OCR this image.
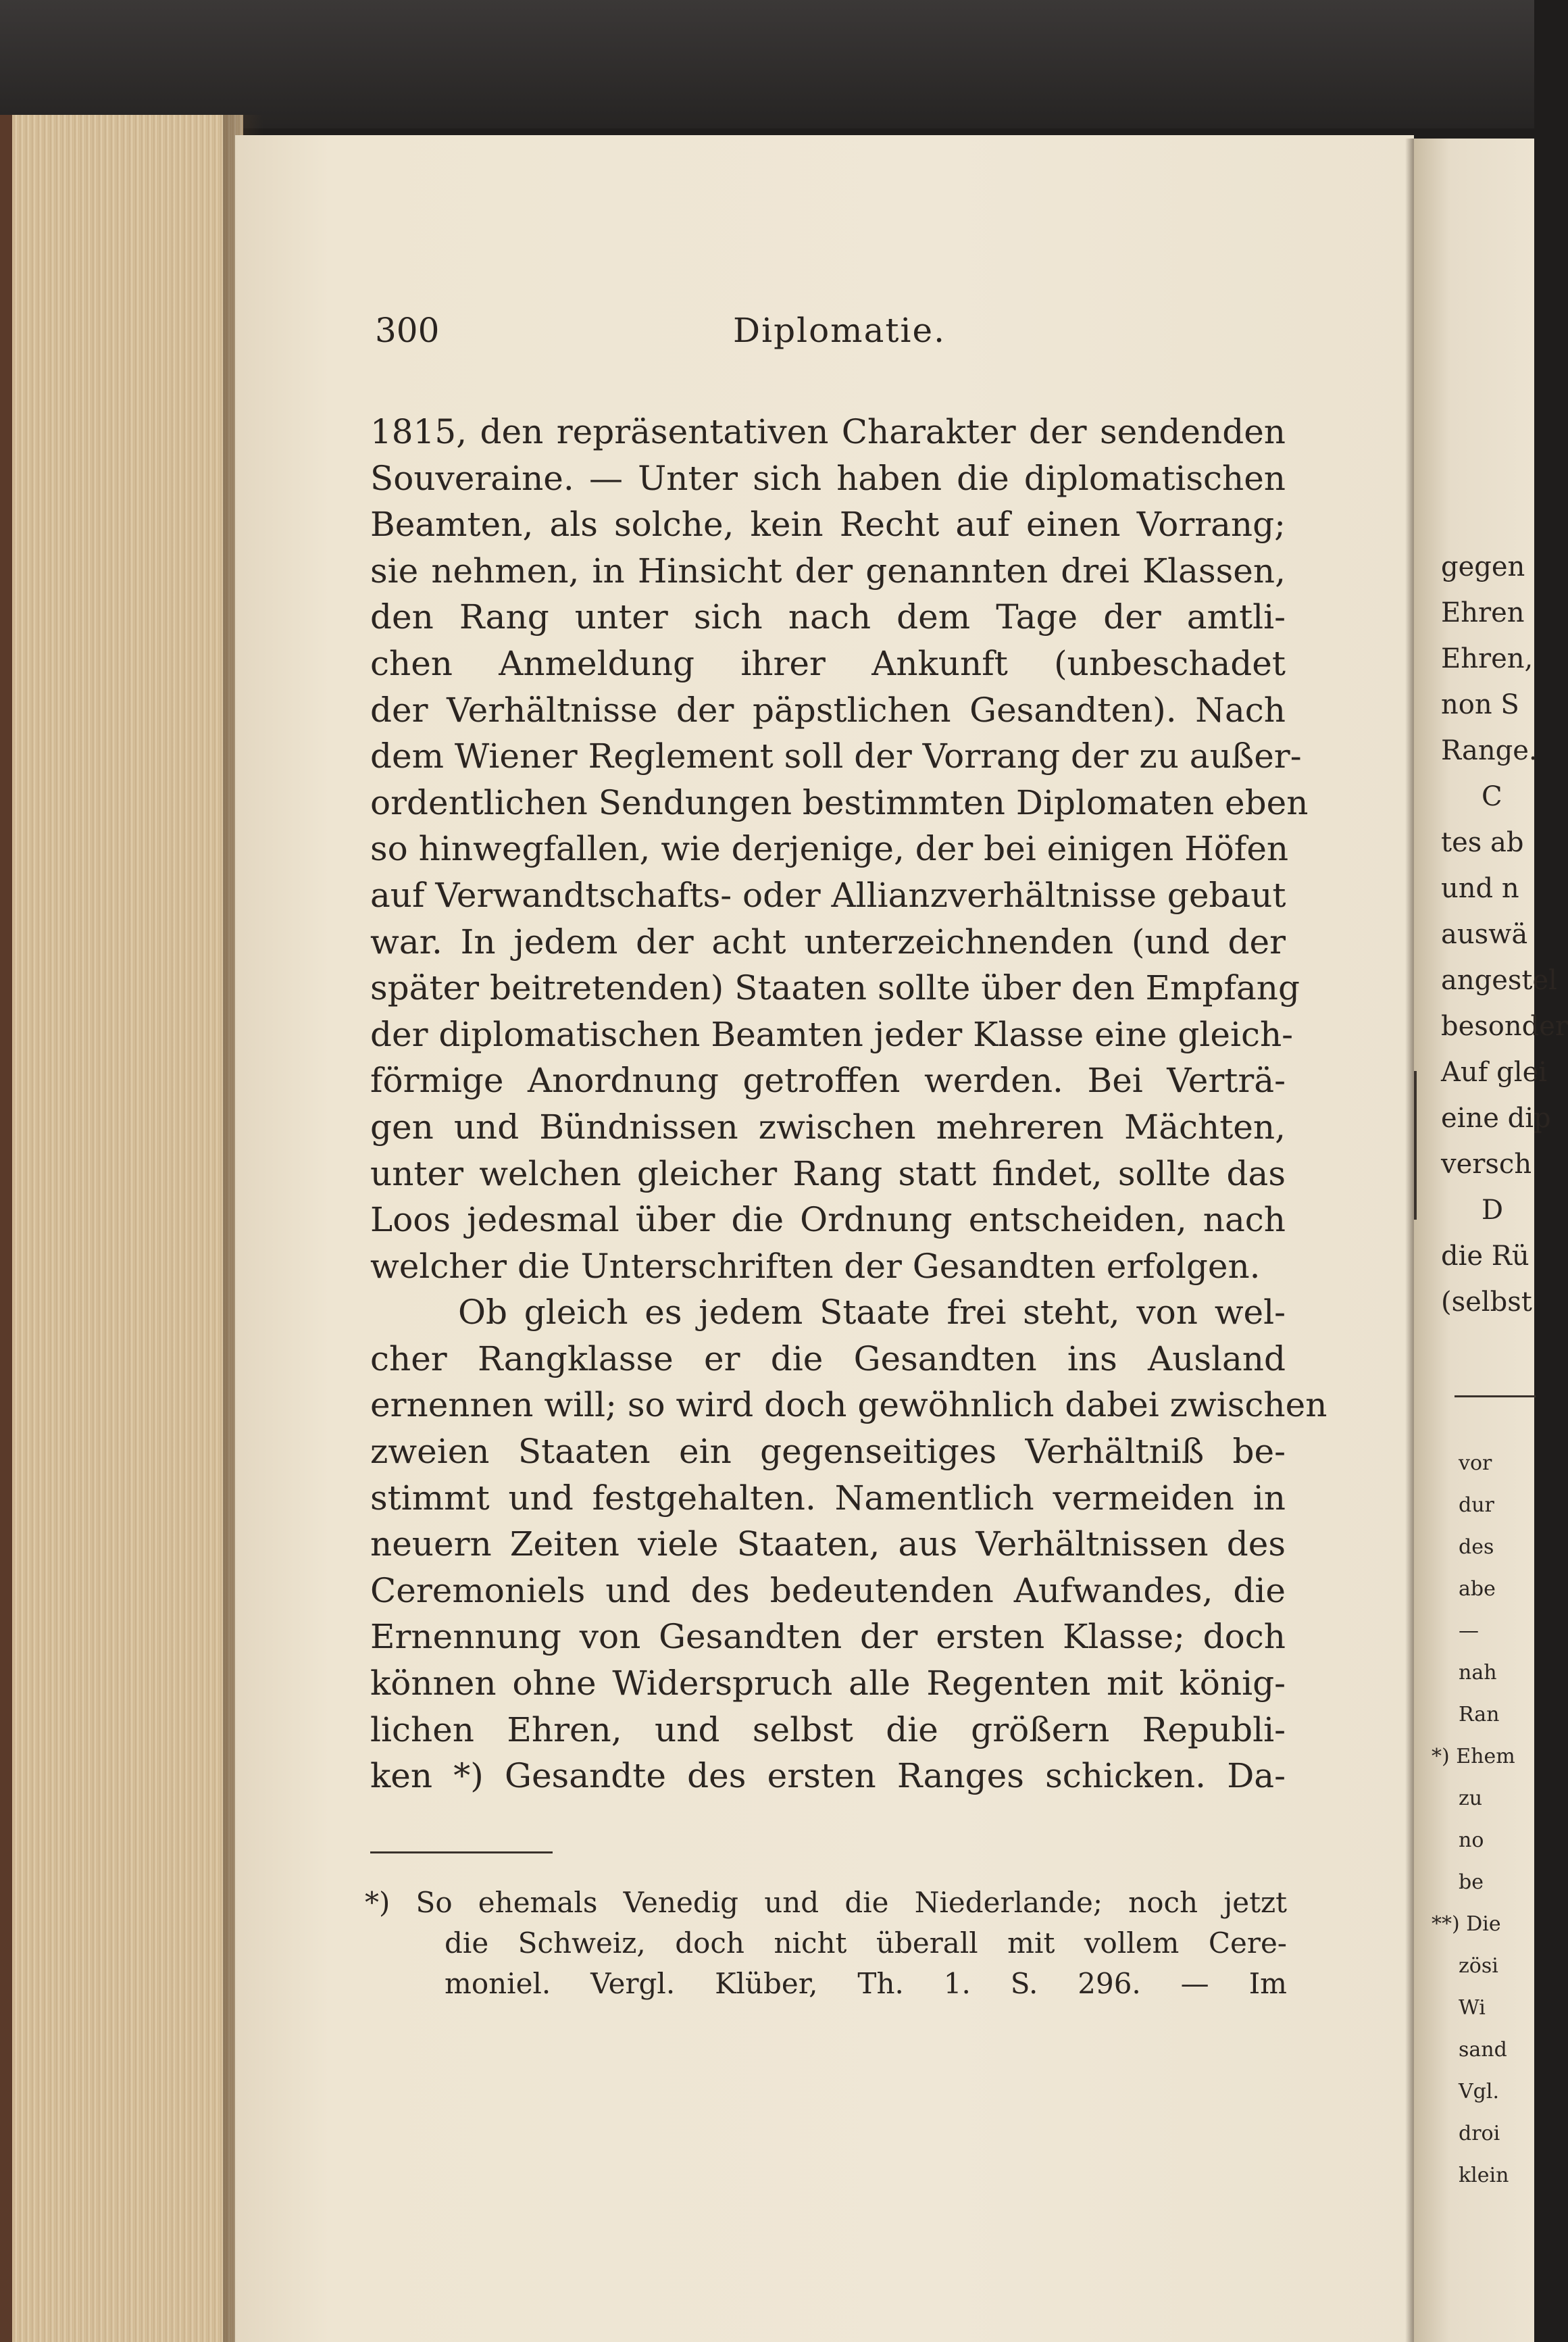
300	Diplomatie.
1815, den repräsentativen Charakter der sendenden
Souveraine. — Unter sich haben die diplomatischen
Beamten, als solche, kein Recht auf einen Vorrang;
sie nehmen, in Hinsicht der genannten drei Klassen,
den Rang unter sich nach dem Tage der amtli-
chen Anmeldung ihrer Ankunft (unbeschadet
der Verhältnisse der päpstlichen Gesandten). Nach
dem Wiener Reglement soll der Vorrang der zu außer-
ordentlichen Sendungen bestimmten Diplomaten eben
so hinwegfallen, wie derjenige, der bei einigen Höfen
auf Verwandtschafts- oder Allianzverhältnisse gebaut
war. In jedem der acht unterzeichnenden (und der
später beitretenden) Staaten sollte über den Empfang
der diplomatischen Beamten jeder Klasse eine gleich-
förmige Anordnung getroffen werden. Bei Verträ-
gen und Bündnissen zwischen mehreren Mächten,
unter welchen gleicher Rang statt findet, sollte das
Loos jedesmal über die Ordnung entscheiden, nach
welcher die Unterschriften der Gesandten erfolgen.
Ob gleich es jedem Staate frei steht, von wel-
cher Rangklasse er die Gesandten ins Ausland
ernennen will; so wird doch gewöhnlich dabei zwischen
zweien Staaten ein gegenseitiges Verhältniß be-
stimmt und festgehalten. Namentlich vermeiden in
neuern Zeiten viele Staaten, aus Verhältnissen des
Ceremoniels und des bedeutenden Aufwandes, die
Ernennung von Gesandten der ersten Klasse; doch
können ohne Widerspruch alle Regenten mit könig-
lichen Ehren, und selbst die größern Republi-
ken *) Gesandte des ersten Ranges schicken. Da-
*) So ehemals Venedig und die Niederlande; noch jetzt
die Schweiz, doch nicht überall mit vollem Cere-
moniel. Vergl. Klüber, Th. 1. S. 296. — Im
gegen
Ehren
Ehren,
non S
Range.
C
tes ab
und n
auswä
angestel
besonder
Auf glei
eine dip
versch
D
die Rü
(selbst
vor
dur
des
abe
—
nah
Ran
*) Ehem
zu
no
be
**) Die
zösi
Wi
sand
Vgl.
droi
klein
